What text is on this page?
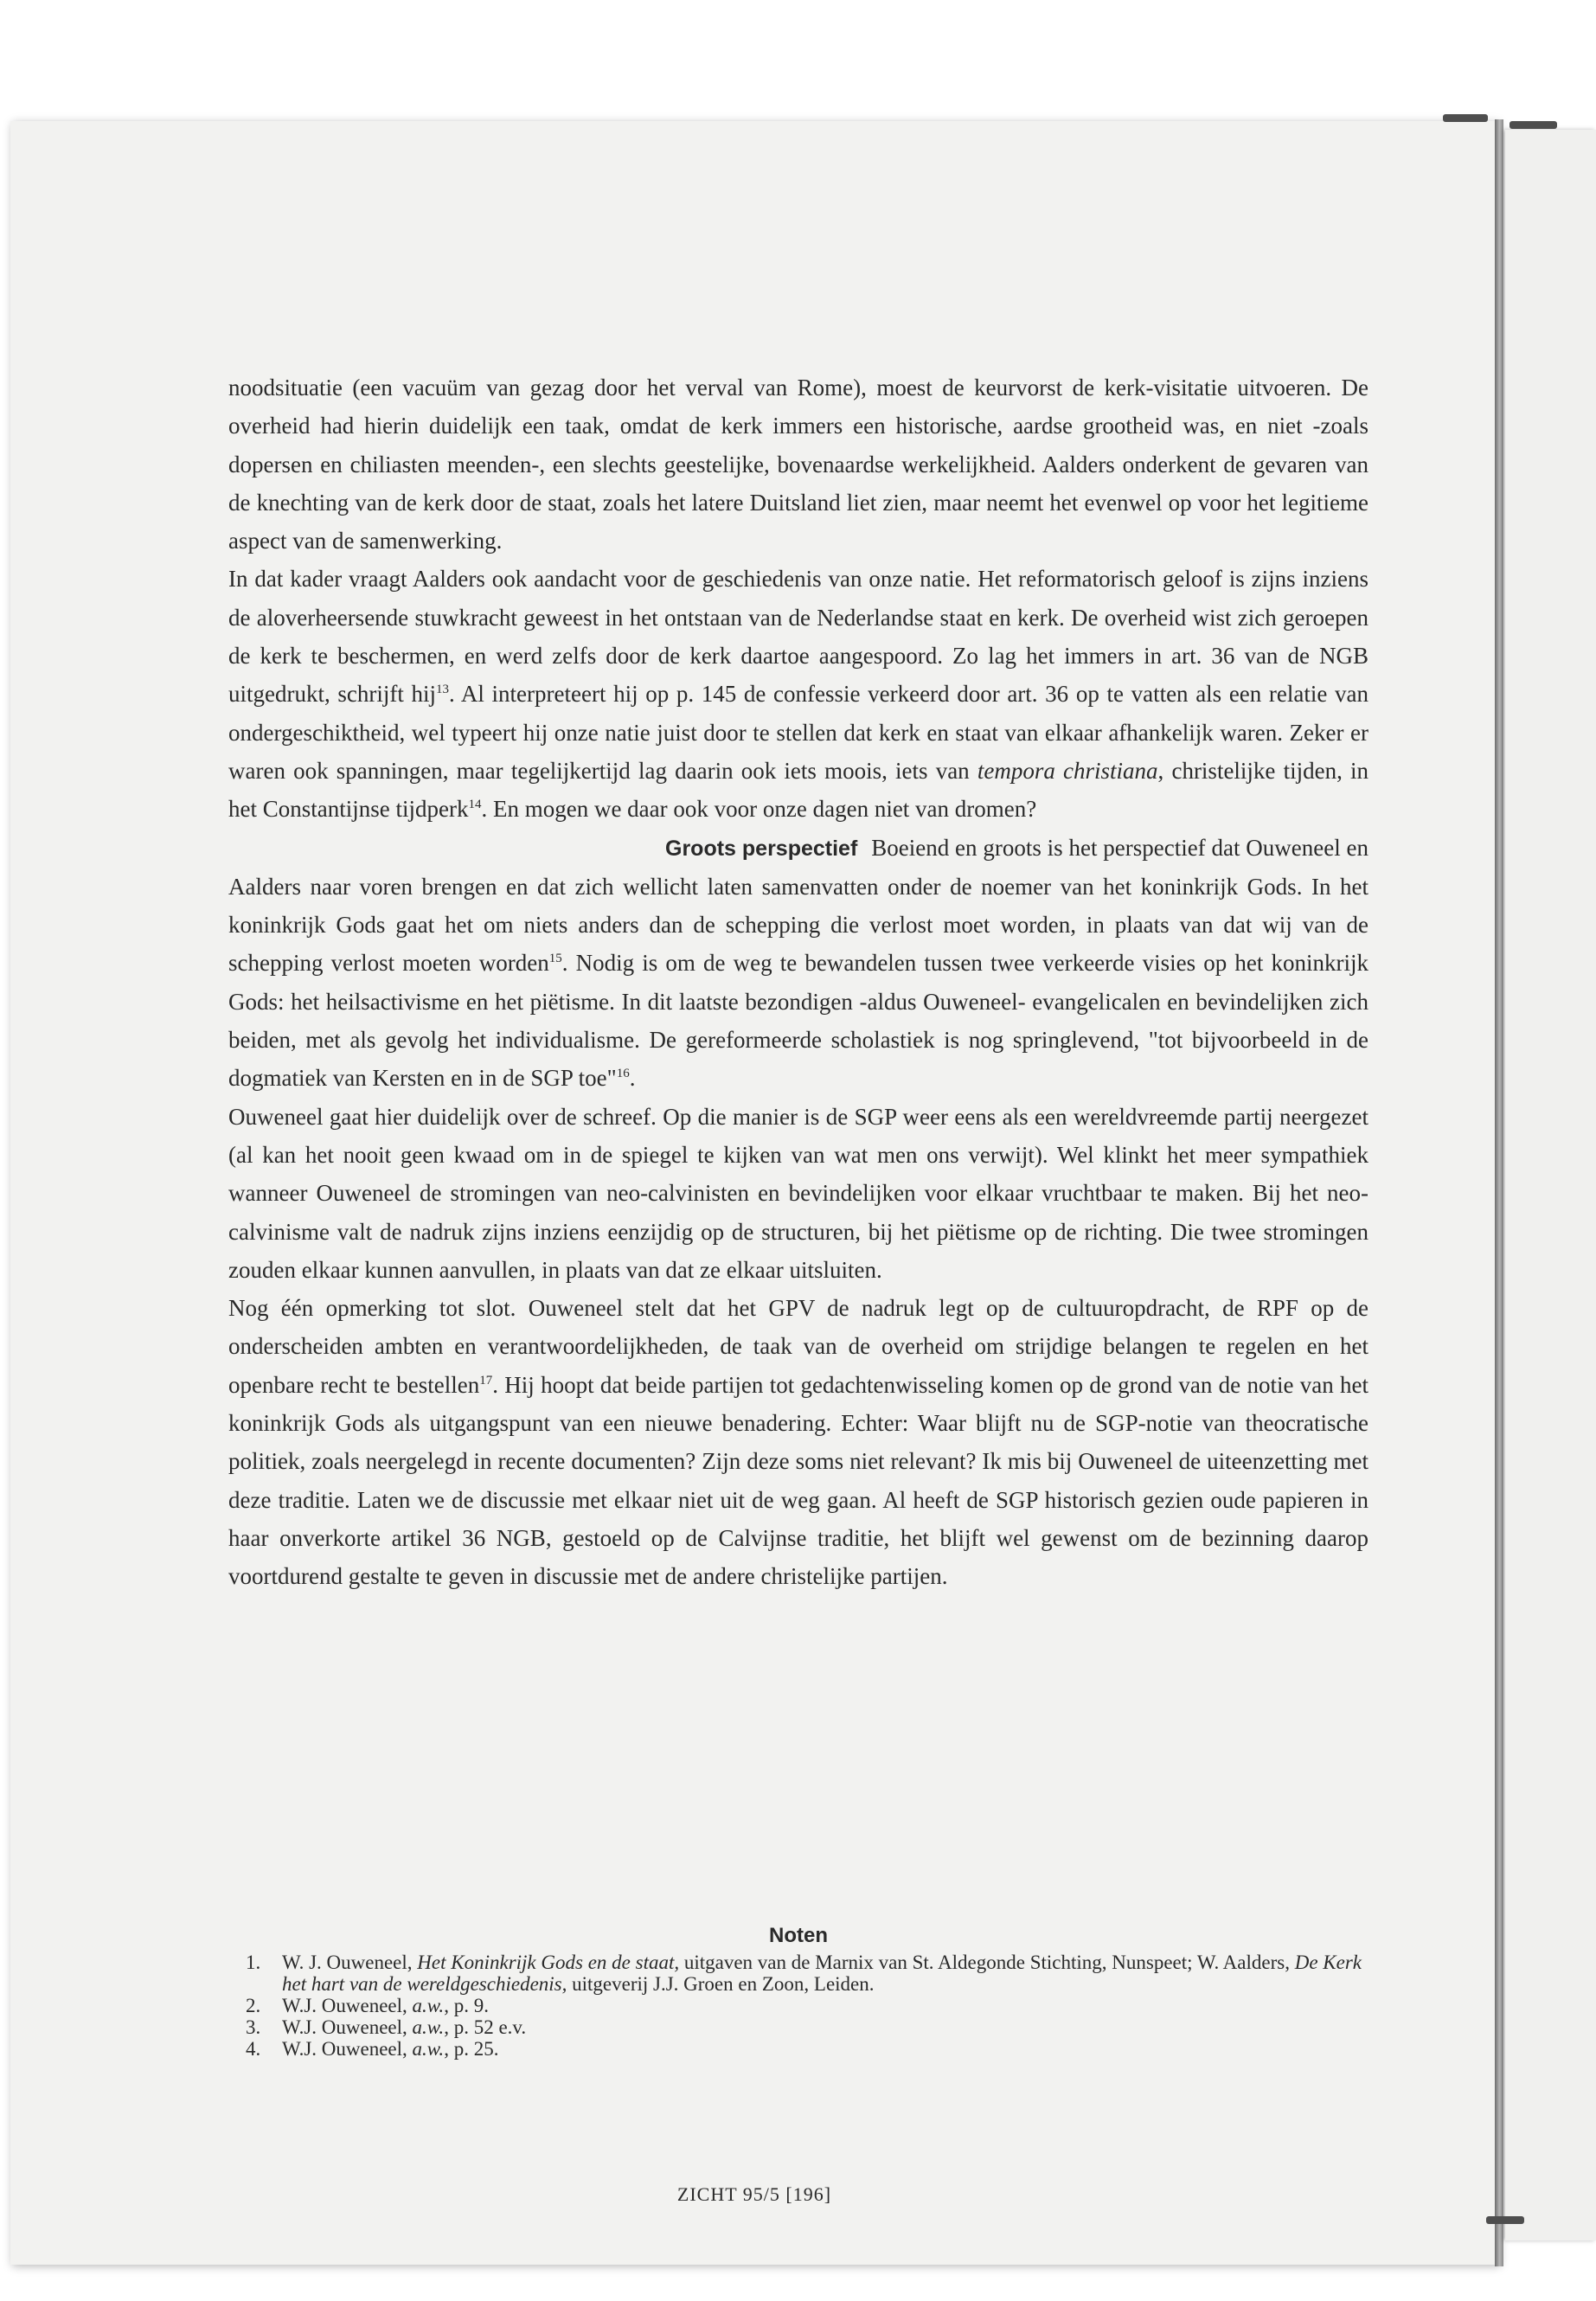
noodsituatie (een vacuüm van gezag door het verval van Rome), moest de keurvorst de kerk-visitatie uitvoeren. De overheid had hierin duidelijk een taak, omdat de kerk immers een historische, aardse grootheid was, en niet -zoals dopersen en chiliasten meenden-, een slechts geestelijke, bovenaardse werkelijkheid. Aalders onderkent de gevaren van de knechting van de kerk door de staat, zoals het latere Duitsland liet zien, maar neemt het evenwel op voor het legitieme aspect van de samenwerking.

In dat kader vraagt Aalders ook aandacht voor de geschiedenis van onze natie. Het reformatorisch geloof is zijns inziens de aloverheersende stuwkracht geweest in het ontstaan van de Nederlandse staat en kerk. De overheid wist zich geroepen de kerk te beschermen, en werd zelfs door de kerk daartoe aangespoord. Zo lag het immers in art. 36 van de NGB uitgedrukt, schrijft hij$^{13}$. Al interpreteert hij op p. 145 de confessie verkeerd door art. 36 op te vatten als een relatie van ondergeschiktheid, wel typeert hij onze natie juist door te stellen dat kerk en staat van elkaar afhankelijk waren. Zeker er waren ook spanningen, maar tegelijkertijd lag daarin ook iets moois, iets van tempora christiana, christelijke tijden, in het Constantijnse tijdperk$^{14}$. En mogen we daar ook voor onze dagen niet van dromen?

Groots perspectief Boeiend en groots is het perspectief dat Ouweneel en Aalders naar voren brengen en dat zich wellicht laten samenvatten onder de noemer van het koninkrijk Gods. In het koninkrijk Gods gaat het om niets anders dan de schepping die verlost moet worden, in plaats van dat wij van de schepping verlost moeten worden$^{15}$. Nodig is om de weg te bewandelen tussen twee verkeerde visies op het koninkrijk Gods: het heilsactivisme en het piëtisme. In dit laatste bezondigen -aldus Ouweneel- evangelicalen en bevindelijken zich beiden, met als gevolg het individualisme. De gereformeerde scholastiek is nog springlevend, "tot bijvoorbeeld in de dogmatiek van Kersten en in de SGP toe"$^{16}$.

Ouweneel gaat hier duidelijk over de schreef. Op die manier is de SGP weer eens als een wereldvreemde partij neergezet (al kan het nooit geen kwaad om in de spiegel te kijken van wat men ons verwijt). Wel klinkt het meer sympathiek wanneer Ouweneel de stromingen van neo-calvinisten en bevindelijken voor elkaar vruchtbaar te maken. Bij het neo-calvinisme valt de nadruk zijns inziens eenzijdig op de structuren, bij het piëtisme op de richting. Die twee stromingen zouden elkaar kunnen aanvullen, in plaats van dat ze elkaar uitsluiten.

Nog één opmerking tot slot. Ouweneel stelt dat het GPV de nadruk legt op de cultuuropdracht, de RPF op de onderscheiden ambten en verantwoordelijkheden, de taak van de overheid om strijdige belangen te regelen en het openbare recht te bestellen$^{17}$. Hij hoopt dat beide partijen tot gedachtenwisseling komen op de grond van de notie van het koninkrijk Gods als uitgangspunt van een nieuwe benadering. Echter: Waar blijft nu de SGP-notie van theocratische politiek, zoals neergelegd in recente documenten? Zijn deze soms niet relevant? Ik mis bij Ouweneel de uiteenzetting met deze traditie. Laten we de discussie met elkaar niet uit de weg gaan. Al heeft de SGP historisch gezien oude papieren in haar onverkorte artikel 36 NGB, gestoeld op de Calvijnse traditie, het blijft wel gewenst om de bezinning daarop voortdurend gestalte te geven in discussie met de andere christelijke partijen.

Noten
1.	W. J. Ouweneel, Het Koninkrijk Gods en de staat, uitgaven van de Marnix van St. Aldegonde Stichting, Nunspeet; W. Aalders, De Kerk het hart van de wereldgeschiedenis, uitgeverij J.J. Groen en Zoon, Leiden.
2.	W.J. Ouweneel, a.w., p. 9.
3.	W.J. Ouweneel, a.w., p. 52 e.v.
4.	W.J. Ouweneel, a.w., p. 25.
ZICHT 95/5 [196]
